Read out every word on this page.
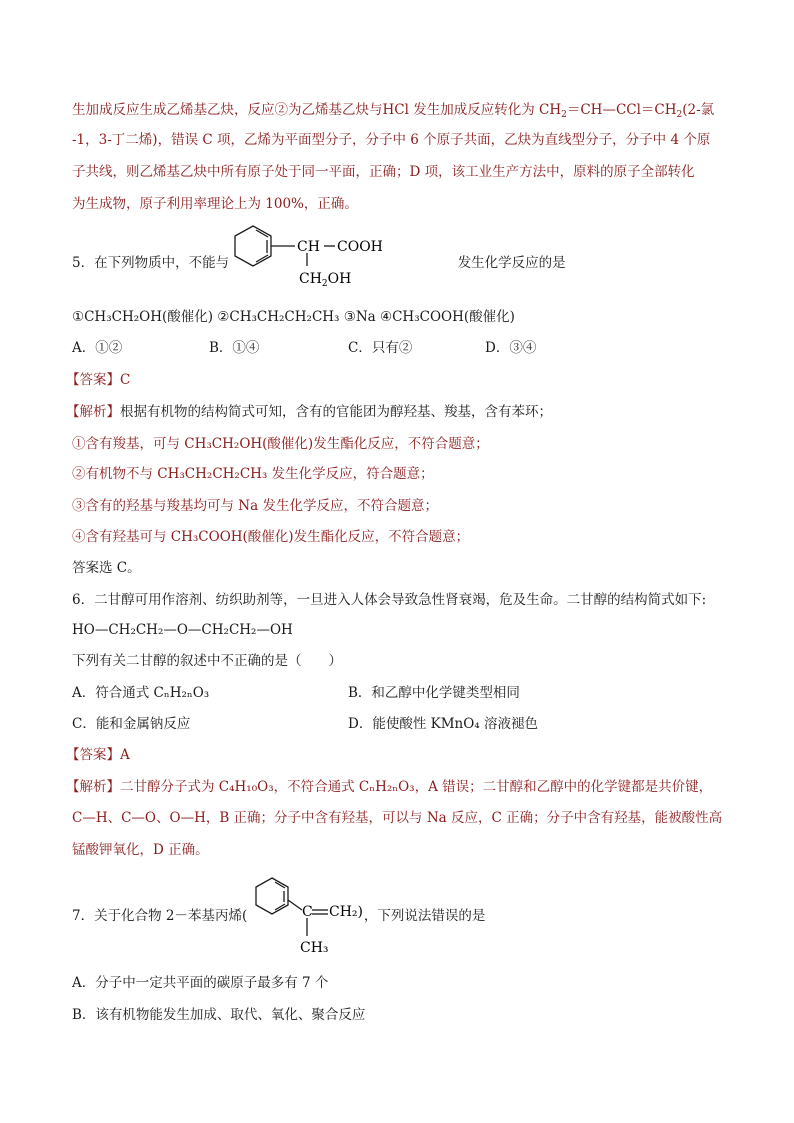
生加成反应生成乙烯基乙炔，反应②为乙烯基乙炔与HCl 发生加成反应转化为 $CH_2=CH—CCl=CH_2(2-$氯
-1，3-丁二烯)，错误 C 项，乙烯为平面型分子，分子中 6 个原子共面，乙炔为直线型分子，分子中 4 个原
子共线，则乙烯基乙炔中所有原子处于同一平面，正确；D 项，该工业生产方法中，原料的原子全部转化
为生成物，原子利用率理论上为 100%，正确。
5．在下列物质中，不能与	发生化学反应的是
CH COOH
$CH_2OH$
①CH₃CH₂OH(酸催化) ②CH₃CH₂CH₂CH₃ ③Na ④CH₃COOH(酸催化)
A．①②	B．①④	C．只有②	D．③④
【答案】C
【解析】根据有机物的结构简式可知，含有的官能团为醇羟基、羧基，含有苯环；
①含有羧基，可与 CH₃CH₂OH(酸催化)发生酯化反应，不符合题意；
②有机物不与 CH₃CH₂CH₂CH₃ 发生化学反应，符合题意；
③含有的羟基与羧基均可与 Na 发生化学反应，不符合题意；
④含有羟基可与 CH₃COOH(酸催化)发生酯化反应，不符合题意；
答案选 C。
6．二甘醇可用作溶剂、纺织助剂等，一旦进入人体会导致急性肾衰竭，危及生命。二甘醇的结构简式如下:
HO—CH₂CH₂—O—CH₂CH₂—OH
下列有关二甘醇的叙述中不正确的是（　　）
A．符合通式 CₙH₂ₙO₃	B．和乙醇中化学键类型相同
C．能和金属钠反应	D．能使酸性 KMnO₄ 溶液褪色
【答案】A
【解析】二甘醇分子式为 C₄H₁₀O₃，不符合通式 CₙH₂ₙO₃，A 错误；二甘醇和乙醇中的化学键都是共价键，
C—H、C—O、O—H，B 正确；分子中含有羟基，可以与 Na 反应，C 正确；分子中含有羟基，能被酸性高
锰酸钾氧化，D 正确。
7．关于化合物 2－苯基丙烯(	，下列说法错误的是
C CH₂)
CH₃
A．分子中一定共平面的碳原子最多有 7 个
B．该有机物能发生加成、取代、氧化、聚合反应
